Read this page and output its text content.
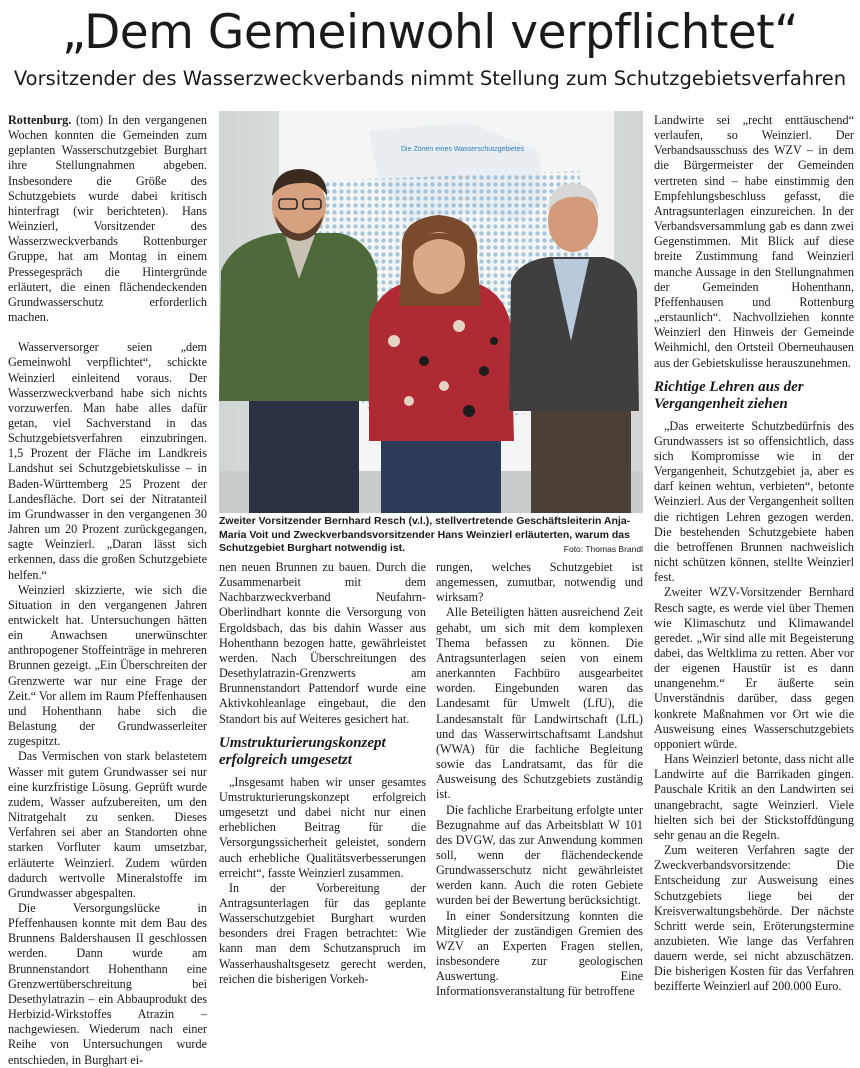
„Dem Gemeinwohl verpflichtet“
Vorsitzender des Wasserzweckverbands nimmt Stellung zum Schutzgebietsverfahren

Rottenburg. (tom) In den vergangenen Wochen konnten die Gemeinden zum geplanten Wasserschutzgebiet Burghart ihre Stellungnahmen abgeben. Insbesondere die Größe des Schutzgebiets wurde dabei kritisch hinterfragt (wir berichteten). Hans Weinzierl, Vorsitzender des Wasserzweckverbands Rottenburger Gruppe, hat am Montag in einem Pressegespräch die Hintergründe erläutert, die einen flächendeckenden Grundwasserschutz erforderlich machen.

Wasserversorger seien „dem Gemeinwohl verpflichtet“, schickte Weinzierl einleitend voraus. Der Wasserzweckverband habe sich nichts vorzuwerfen. Man habe alles dafür getan, viel Sachverstand in das Schutzgebietsverfahren einzubringen. 1,5 Prozent der Fläche im Landkreis Landshut sei Schutzgebietskulisse – in Baden-Württemberg 25 Prozent der Landesfläche. Dort sei der Nitratanteil im Grundwasser in den vergangenen 30 Jahren um 20 Prozent zurückgegangen, sagte Weinzierl. „Daran lässt sich erkennen, dass die großen Schutzgebiete helfen.“

Weinzierl skizzierte, wie sich die Situation in den vergangenen Jahren entwickelt hat. Untersuchungen hätten ein Anwachsen unerwünschter anthropogener Stoffeinträge in mehreren Brunnen gezeigt. „Ein Überschreiten der Grenzwerte war nur eine Frage der Zeit.“ Vor allem im Raum Pfeffenhausen und Hohenthann habe sich die Belastung der Grundwasserleiter zugespitzt.

Das Vermischen von stark belastetem Wasser mit gutem Grundwasser sei nur eine kurzfristige Lösung. Geprüft wurde zudem, Wasser aufzubereiten, um den Nitratgehalt zu senken. Dieses Verfahren sei aber an Standorten ohne starken Vorfluter kaum umsetzbar, erläuterte Weinzierl. Zudem würden dadurch wertvolle Mineralstoffe im Grundwasser abgespalten.

Die Versorgungslücke in Pfeffenhausen konnte mit dem Bau des Brunnens Baldershausen II geschlossen werden. Dann wurde am Brunnenstandort Hohenthann eine Grenzwertüberschreitung bei Desethylatrazin – ein Abbauprodukt des Herbizid-Wirkstoffes Atrazin – nachgewiesen. Wiederum nach einer Reihe von Untersuchungen wurde entschieden, in Burghart ei-

Die Zonen eines Wasserschutzgebietes
Zweiter Vorsitzender Bernhard Resch (v.l.), stellvertretende Geschäftsleiterin Anja-Maria Voit und Zweckverbandsvorsitzender Hans Weinzierl erläuterten, warum das Schutzgebiet Burghart notwendig ist.	Foto: Thomas Brandl

nen neuen Brunnen zu bauen. Durch die Zusammenarbeit mit dem Nachbarzweckverband Neufahrn-Oberlindhart konnte die Versorgung von Ergoldsbach, das bis dahin Wasser aus Hohenthann bezogen hatte, gewährleistet werden. Nach Überschreitungen des Desethylatrazin-Grenzwerts am Brunnenstandort Pattendorf wurde eine Aktivkohleanlage eingebaut, die den Standort bis auf Weiteres gesichert hat.

Umstrukturierungskonzept erfolgreich umgesetzt

„Insgesamt haben wir unser gesamtes Umstrukturierungskonzept erfolgreich umgesetzt und dabei nicht nur einen erheblichen Beitrag für die Versorgungssicherheit geleistet, sondern auch erhebliche Qualitätsverbesserungen erreicht“, fasste Weinzierl zusammen.

In der Vorbereitung der Antragsunterlagen für das geplante Wasserschutzgebiet Burghart wurden besonders drei Fragen betrachtet: Wie kann man dem Schutzanspruch im Wasserhaushaltsgesetz gerecht werden, reichen die bisherigen Vorkeh-

rungen, welches Schutzgebiet ist angemessen, zumutbar, notwendig und wirksam?

Alle Beteiligten hätten ausreichend Zeit gehabt, um sich mit dem komplexen Thema befassen zu können. Die Antragsunterlagen seien von einem anerkannten Fachbüro ausgearbeitet worden. Eingebunden waren das Landesamt für Umwelt (LfU), die Landesanstalt für Landwirtschaft (LfL) und das Wasserwirtschaftsamt Landshut (WWA) für die fachliche Begleitung sowie das Landratsamt, das für die Ausweisung des Schutzgebiets zuständig ist.

Die fachliche Erarbeitung erfolgte unter Bezugnahme auf das Arbeitsblatt W 101 des DVGW, das zur Anwendung kommen soll, wenn der flächendeckende Grundwasserschutz nicht gewährleistet werden kann. Auch die roten Gebiete wurden bei der Bewertung berücksichtigt.

In einer Sondersitzung konnten die Mitglieder der zuständigen Gremien des WZV an Experten Fragen stellen, insbesondere zur geologischen Auswertung. Eine Informationsveranstaltung für betroffene

Landwirte sei „recht enttäuschend“ verlaufen, so Weinzierl. Der Verbandsausschuss des WZV – in dem die Bürgermeister der Gemeinden vertreten sind – habe einstimmig den Empfehlungsbeschluss gefasst, die Antragsunterlagen einzureichen. In der Verbandsversammlung gab es dann zwei Gegenstimmen. Mit Blick auf diese breite Zustimmung fand Weinzierl manche Aussage in den Stellungnahmen der Gemeinden Hohenthann, Pfeffenhausen und Rottenburg „erstaunlich“. Nachvollziehen konnte Weinzierl den Hinweis der Gemeinde Weihmichl, den Ortsteil Oberneuhausen aus der Gebietskulisse herauszunehmen.

Richtige Lehren aus der Vergangenheit ziehen

„Das erweiterte Schutzbedürfnis des Grundwassers ist so offensichtlich, dass sich Kompromisse wie in der Vergangenheit, Schutzgebiet ja, aber es darf keinen wehtun, verbieten“, betonte Weinzierl. Aus der Vergangenheit sollten die richtigen Lehren gezogen werden. Die bestehenden Schutzgebiete haben die betroffenen Brunnen nachweislich nicht schützen können, stellte Weinzierl fest.

Zweiter WZV-Vorsitzender Bernhard Resch sagte, es werde viel über Themen wie Klimaschutz und Klimawandel geredet. „Wir sind alle mit Begeisterung dabei, das Weltklima zu retten. Aber vor der eigenen Haustür ist es dann unangenehm.“ Er äußerte sein Unverständnis darüber, dass gegen konkrete Maßnahmen vor Ort wie die Ausweisung eines Wasserschutzgebiets opponiert würde.

Hans Weinzierl betonte, dass nicht alle Landwirte auf die Barrikaden gingen. Pauschale Kritik an den Landwirten sei unangebracht, sagte Weinzierl. Viele hielten sich bei der Stickstoffdüngung sehr genau an die Regeln.

Zum weiteren Verfahren sagte der Zweckverbandsvorsitzende: Die Entscheidung zur Ausweisung eines Schutzgebiets liege bei der Kreisverwaltungsbehörde. Der nächste Schritt werde sein, Eröterungstermine anzubieten. Wie lange das Verfahren dauern werde, sei nicht abzuschätzen. Die bisherigen Kosten für das Verfahren bezifferte Weinzierl auf 200.000 Euro.
